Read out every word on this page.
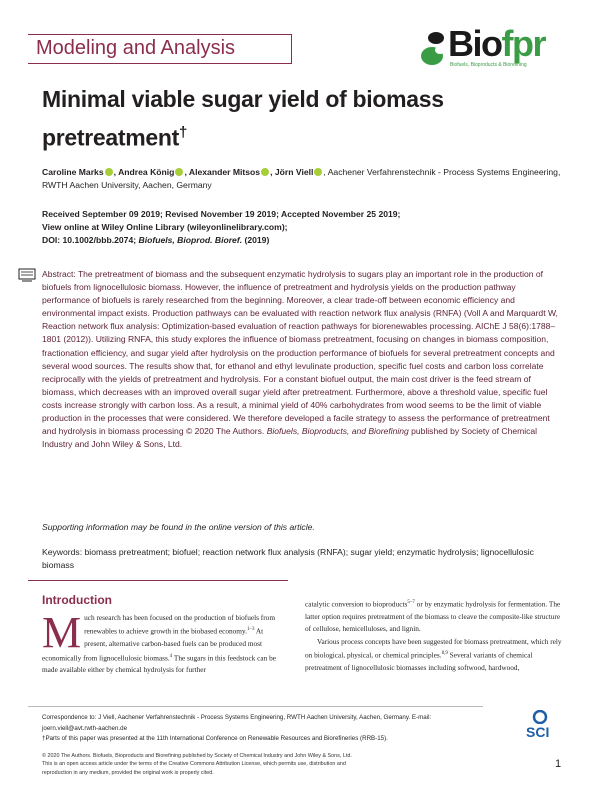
Modeling and Analysis	Biofpr
Biofuels, Bioproducts & Biorefining
Minimal viable sugar yield of biomass pretreatment†
Caroline Marks , Andrea König , Alexander Mitsos , Jörn Viell , Aachener Verfahrenstechnik - Process Systems Engineering, RWTH Aachen University, Aachen, Germany
Received September 09 2019; Revised November 19 2019; Accepted November 25 2019;
View online at Wiley Online Library (wileyonlinelibrary.com);
DOI: 10.1002/bbb.2074; Biofuels, Bioprod. Bioref. (2019)
Abstract: The pretreatment of biomass and the subsequent enzymatic hydrolysis to sugars play an important role in the production of biofuels from lignocellulosic biomass. However, the influence of pretreatment and hydrolysis yields on the production pathway performance of biofuels is rarely researched from the beginning. Moreover, a clear trade-off between economic efficiency and environmental impact exists. Production pathways can be evaluated with reaction network flux analysis (RNFA) (Voll A and Marquardt W, Reaction network flux analysis: Optimization-based evaluation of reaction pathways for biorenewables processing. AIChE J 58(6):1788–1801 (2012)). Utilizing RNFA, this study explores the influence of biomass pretreatment, focusing on changes in biomass composition, fractionation efficiency, and sugar yield after hydrolysis on the production performance of biofuels for several pretreatment concepts and several wood sources. The results show that, for ethanol and ethyl levulinate production, specific fuel costs and carbon loss correlate reciprocally with the yields of pretreatment and hydrolysis. For a constant biofuel output, the main cost driver is the feed stream of biomass, which decreases with an improved overall sugar yield after pretreatment. Furthermore, above a threshold value, specific fuel costs increase strongly with carbon loss. As a result, a minimal yield of 40% carbohydrates from wood seems to be the limit of viable production in the processes that were considered. We therefore developed a facile strategy to assess the performance of pretreatment and hydrolysis in biomass processing © 2020 The Authors. Biofuels, Bioproducts, and Biorefining published by Society of Chemical Industry and John Wiley & Sons, Ltd.
Supporting information may be found in the online version of this article.
Keywords: biomass pretreatment; biofuel; reaction network flux analysis (RNFA); sugar yield; enzymatic hydrolysis; lignocellulosic biomass
Introduction
Much research has been focused on the production of biofuels from renewables to achieve growth in the biobased economy.$^{1-3}$ At present, alternative carbon-based fuels can be produced most economically from lignocellulosic biomass.$^4$ The sugars in this feedstock can be made available either by chemical hydrolysis for further
catalytic conversion to bioproducts$^{5-7}$ or by enzymatic hydrolysis for fermentation. The latter option requires pretreatment of the biomass to cleave the composite-like structure of cellulose, hemicelluloses, and lignin.
Various process concepts have been suggested for biomass pretreatment, which rely on biological, physical, or chemical principles.$^{8,9}$ Several variants of chemical pretreatment of lignocellulosic biomasses including softwood, hardwood,
Correspondence to: J Viell, Aachener Verfahrenstechnik - Process Systems Engineering, RWTH Aachen University, Aachen, Germany. E-mail: joern.viell@avt.rwth-aachen.de
†Parts of this paper was presented at the 11th International Conference on Renewable Resources and Biorefineries (RRB-15).
© 2020 The Authors. Biofuels, Bioproducts and Biorefining published by Society of Chemical Industry and John Wiley & Sons, Ltd.
This is an open access article under the terms of the Creative Commons Attribution License, which permits use, distribution and
reproduction in any medium, provided the original work is properly cited.
SCI
1
